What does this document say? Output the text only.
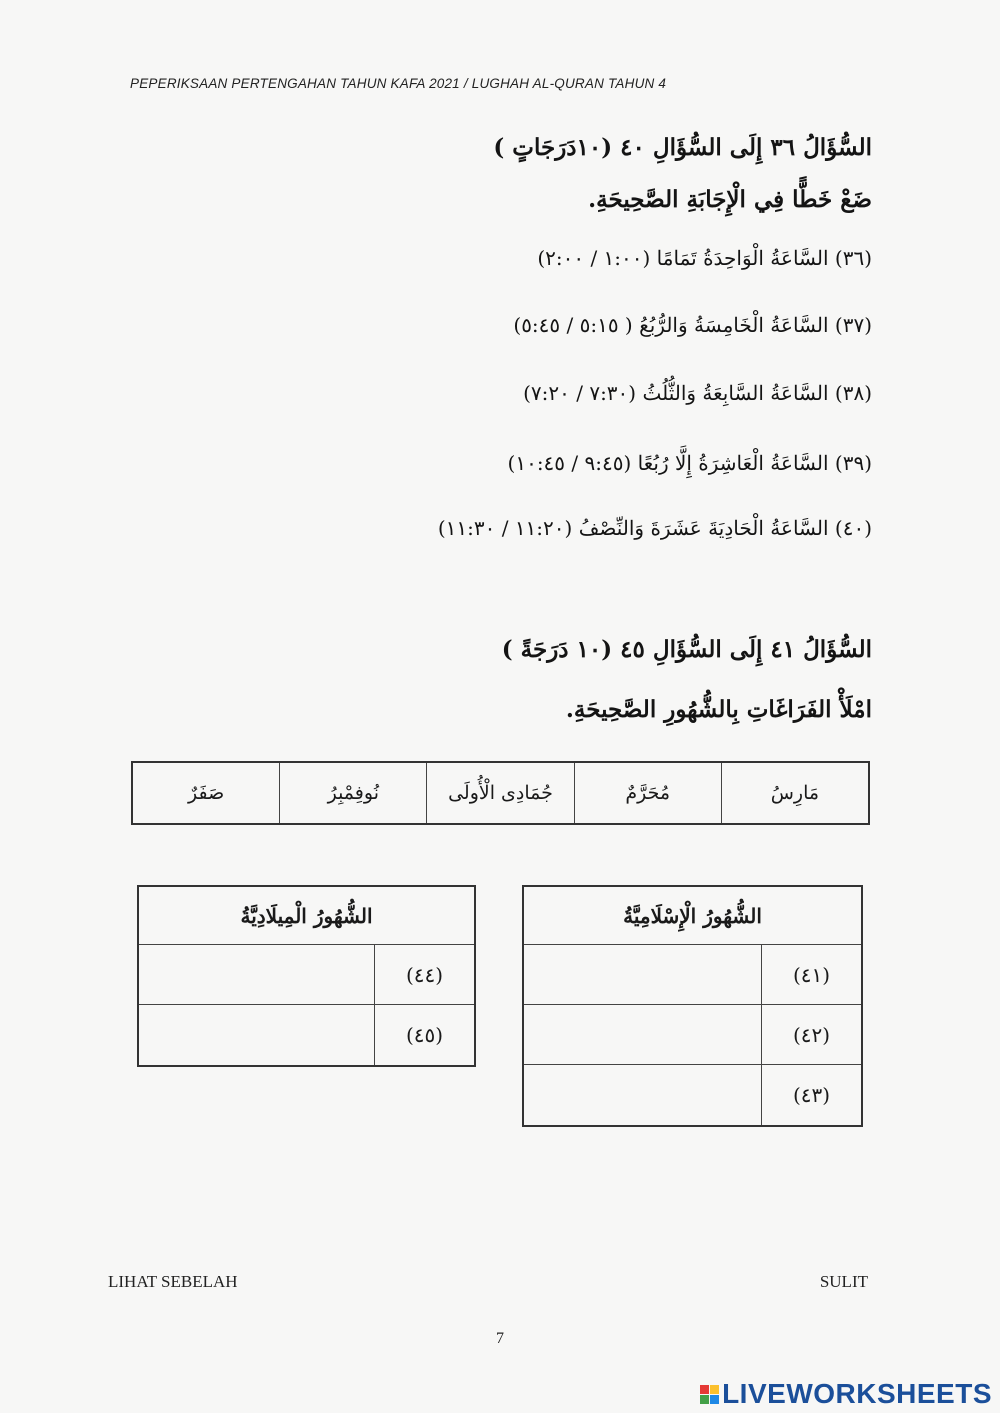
PEPERIKSAAN PERTENGAHAN TAHUN KAFA 2021 / LUGHAH AL-QURAN TAHUN 4
السُّؤَالُ ٣٦ إِلَى السُّؤَالِ ٤٠ (١٠دَرَجَاتٍ )
ضَعْ خَطًّا فِي الْإِجَابَةِ الصَّحِيحَةِ.
(٣٦) السَّاعَةُ الْوَاحِدَةُ تَمَامًا (١:٠٠ / ٢:٠٠)
(٣٧) السَّاعَةُ الْخَامِسَةُ وَالرُّبُعُ ( ٥:١٥ / ٥:٤٥)
(٣٨) السَّاعَةُ السَّابِعَةُ وَالثُّلُثُ (٧:٣٠ / ٧:٢٠)
(٣٩) السَّاعَةُ الْعَاشِرَةُ إِلَّا رُبُعًا (٩:٤٥ / ١٠:٤٥)
(٤٠) السَّاعَةُ الْحَادِيَةَ عَشَرَةَ وَالنِّصْفُ (١١:٢٠ / ١١:٣٠)
السُّؤَالُ ٤١ إِلَى السُّؤَالِ ٤٥ (١٠ دَرَجَةً )
امْلَأْ الفَرَاغَاتِ بِالشُّهُورِ الصَّحِيحَةِ.
مَارِسُ
مُحَرَّمٌ
جُمَادِى الْأُولَى
نُوفِمْبِرُ
صَفَرٌ
الشُّهُورُ الْإِسْلَامِيَّةُ
(٤١)
(٤٢)
(٤٣)
الشُّهُورُ الْمِيلَادِيَّةُ
(٤٤)
(٤٥)
LIHAT SEBELAH	SULIT
7
LIVEWORKSHEETS
